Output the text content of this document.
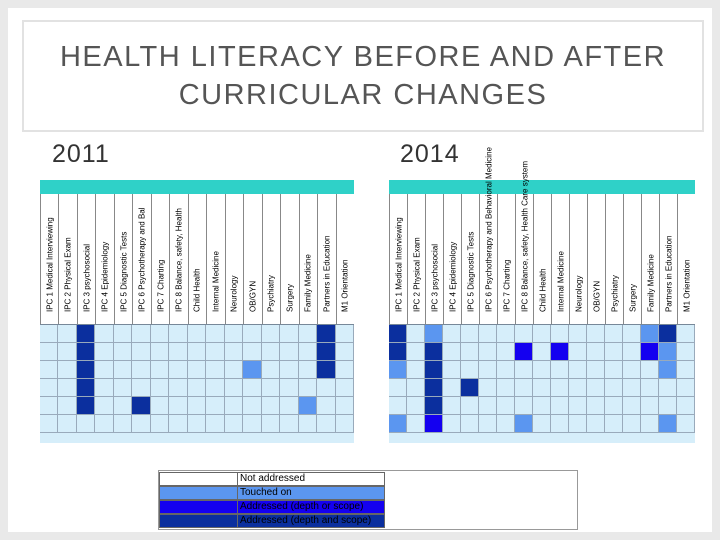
HEALTH LITERACY BEFORE AND AFTER CURRICULAR CHANGES
2011	2014
IPC 1 Medical Interviewing IPC 2 Physical Exam IPC 3 psychosocial IPC 4 Epidemiology IPC 5 Diagnostic Tests IPC 6 Psychotherapy and Bal IPC 7 Charting IPC 8 Balance, safety, Health Child Health Internal Medicine Neurology OB/GYN Psychiatry Surgery Family Medicine Partners in Education M1 Orientation	IPC 1 Medical Interviewing IPC 2 Physical Exam IPC 3 psychosocial IPC 4 Epidemiology IPC 5 Diagnostic Tests IPC 6 Psychotherapy and Behavioral Medicine IPC 7 Charting IPC 8 Balance, safety, Health Care system Child Health Internal Medicine Neurology OB/GYN Psychiatry Surgery Family Medicine Partners in Education M1 Orientation
Not addressed
Touched on
Addressed (depth or scope)
Addressed (depth and scope)
